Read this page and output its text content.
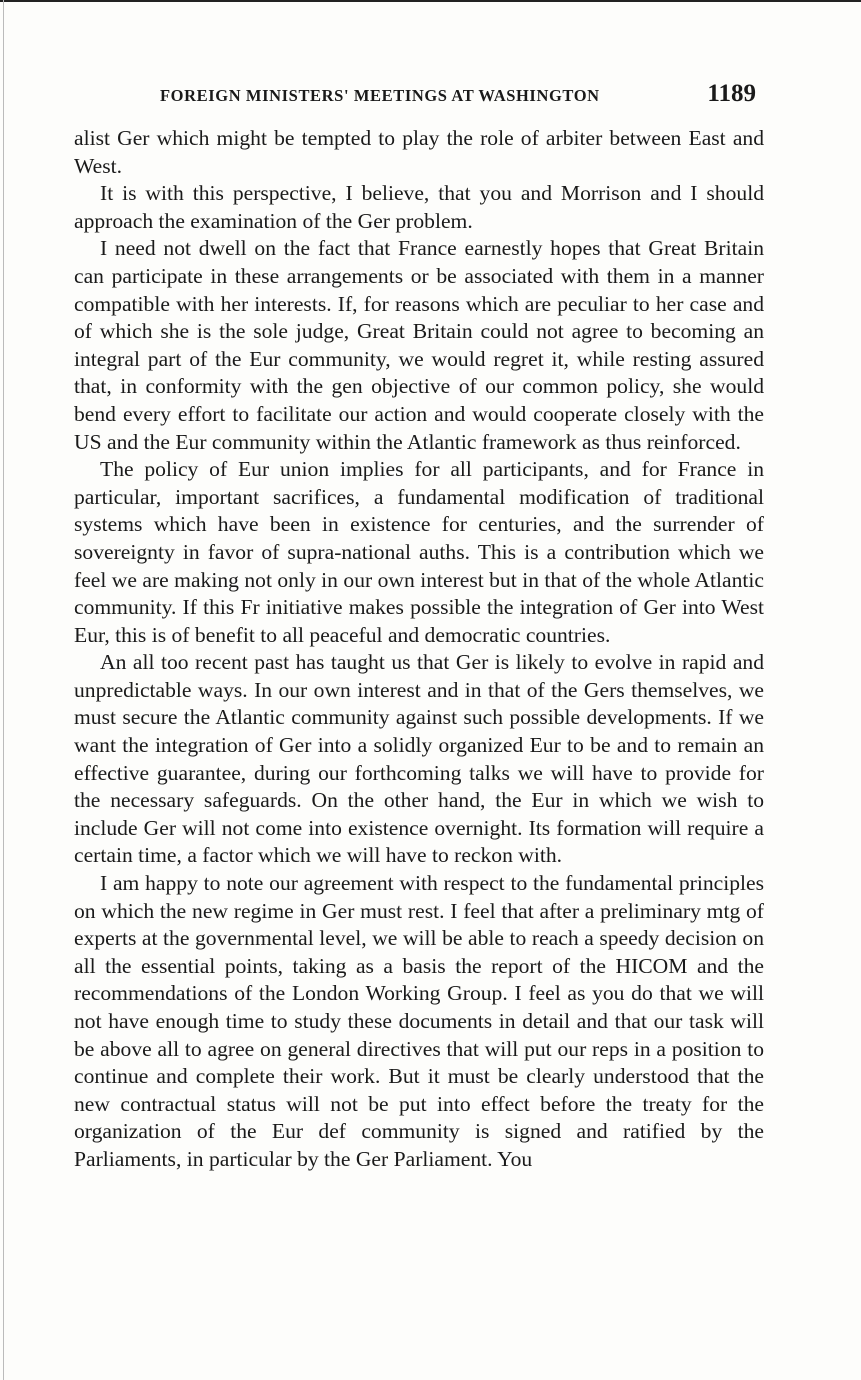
FOREIGN MINISTERS' MEETINGS AT WASHINGTON	1189

alist Ger which might be tempted to play the role of arbiter between East and West.

It is with this perspective, I believe, that you and Morrison and I should approach the examination of the Ger problem.

I need not dwell on the fact that France earnestly hopes that Great Britain can participate in these arrangements or be associated with them in a manner compatible with her interests. If, for reasons which are peculiar to her case and of which she is the sole judge, Great Britain could not agree to becoming an integral part of the Eur community, we would regret it, while resting assured that, in conformity with the gen objective of our common policy, she would bend every effort to facilitate our action and would cooperate closely with the US and the Eur community within the Atlantic framework as thus reinforced.

The policy of Eur union implies for all participants, and for France in particular, important sacrifices, a fundamental modification of traditional systems which have been in existence for centuries, and the surrender of sovereignty in favor of supra-national auths. This is a contribution which we feel we are making not only in our own interest but in that of the whole Atlantic community. If this Fr initiative makes possible the integration of Ger into West Eur, this is of benefit to all peaceful and democratic countries.

An all too recent past has taught us that Ger is likely to evolve in rapid and unpredictable ways. In our own interest and in that of the Gers themselves, we must secure the Atlantic community against such possible developments. If we want the integration of Ger into a solidly organized Eur to be and to remain an effective guarantee, during our forthcoming talks we will have to provide for the necessary safeguards. On the other hand, the Eur in which we wish to include Ger will not come into existence overnight. Its formation will require a certain time, a factor which we will have to reckon with.

I am happy to note our agreement with respect to the fundamental principles on which the new regime in Ger must rest. I feel that after a preliminary mtg of experts at the governmental level, we will be able to reach a speedy decision on all the essential points, taking as a basis the report of the HICOM and the recommendations of the London Working Group. I feel as you do that we will not have enough time to study these documents in detail and that our task will be above all to agree on general directives that will put our reps in a position to continue and complete their work. But it must be clearly understood that the new contractual status will not be put into effect before the treaty for the organization of the Eur def community is signed and ratified by the Parliaments, in particular by the Ger Parliament. You
